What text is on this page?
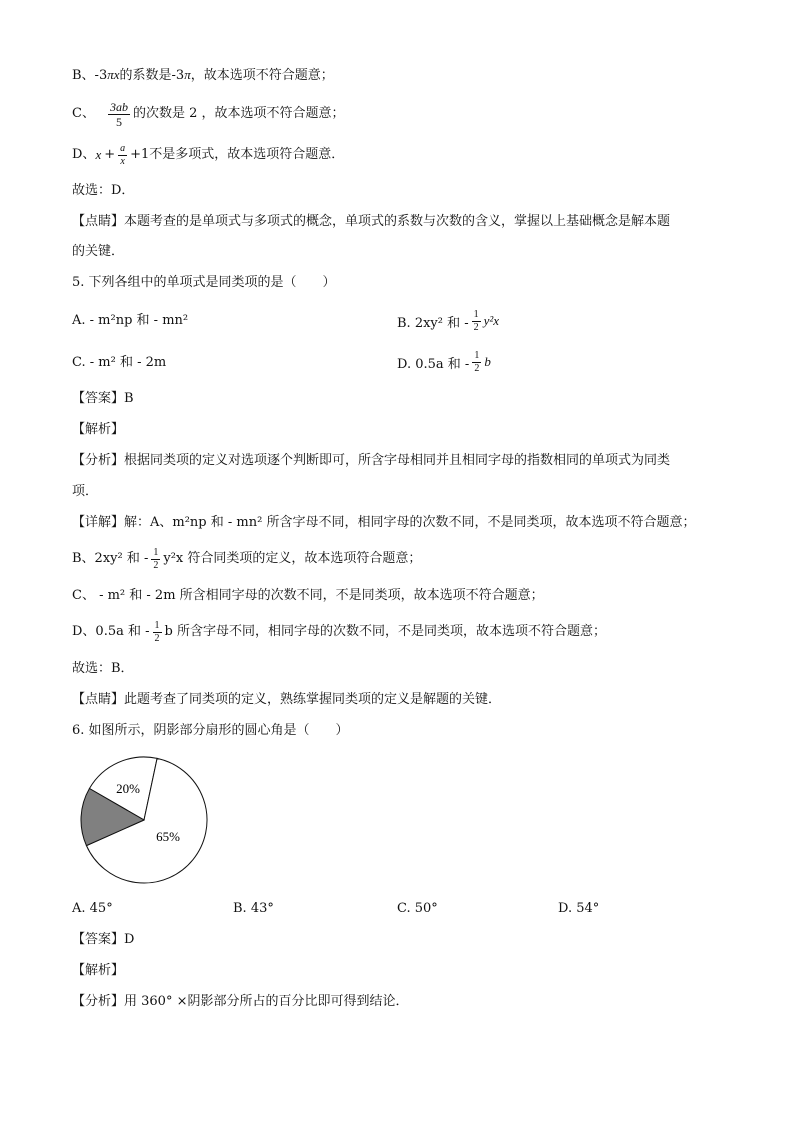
B、-3πx的系数是-3π，故本选项不符合题意；
C、 $\frac{3ab}{5}$ 的次数是 2 ，故本选项不符合题意；
D、 $x + \frac{a}{x} +1$ 不是多项式，故本选项符合题意．
故选：D．
【点睛】本题考查的是单项式与多项式的概念，单项式的系数与次数的含义，掌握以上基础概念是解本题
的关键．
5. 下列各组中的单项式是同类项的是（　　）
A. ‐ m²np 和 ‐ mn²	B. 2xy² 和 ‐ $\frac{1}{2} y^2x$
C. ‐ m² 和 ‐ 2m	D. 0.5a 和 ‐ $\frac{1}{2}$ b
【答案】B
【解析】
【分析】根据同类项的定义对选项逐个判断即可，所含字母相同并且相同字母的指数相同的单项式为同类
项．
【详解】解：A、m²np 和 ‐ mn² 所含字母不同，相同字母的次数不同，不是同类项，故本选项不符合题意；
B、2xy² 和 ‐ $\frac{1}{2} y^2x$ 符合同类项的定义，故本选项符合题意；
C、 ‐ m² 和 ‐ 2m 所含相同字母的次数不同，不是同类项，故本选项不符合题意；
D、0.5a 和 ‐ $\frac{1}{2}$ b 所含字母不同，相同字母的次数不同，不是同类项，故本选项不符合题意；
故选：B．
【点睛】此题考查了同类项的定义，熟练掌握同类项的定义是解题的关键．
6. 如图所示，阴影部分扇形的圆心角是（　　）
20%
65%
A. 45°	B. 43°	C. 50°	D. 54°
【答案】D
【解析】
【分析】用 360° ×阴影部分所占的百分比即可得到结论．
